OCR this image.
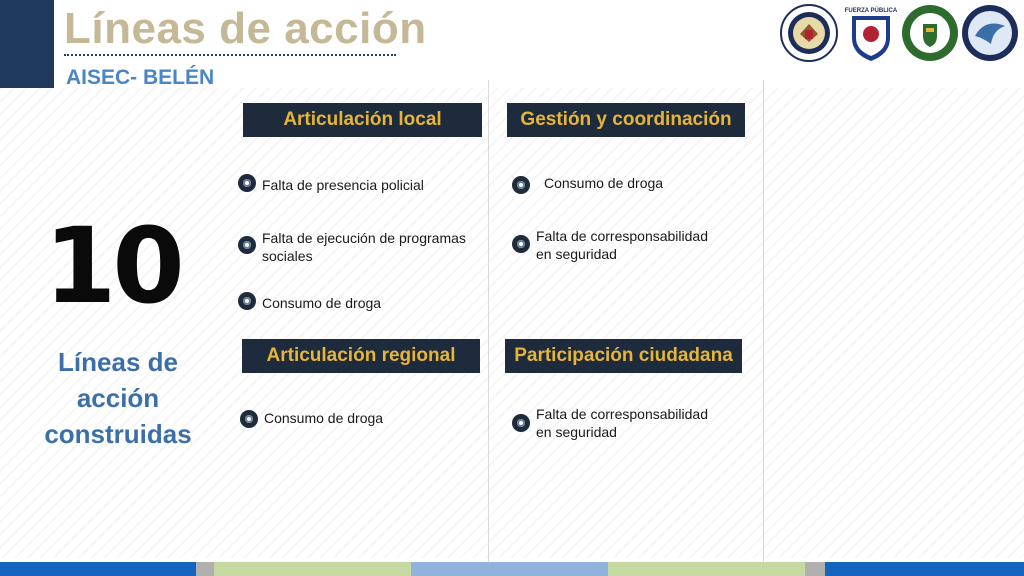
Líneas de acción
AISEC- BELÉN
FUERZA PÚBLICA
10
Líneas de
acción
construidas
Articulación local
Falta de presencia policial
Falta de ejecución de programas
sociales
Consumo de droga
Gestión y coordinación
Consumo de droga
Falta de corresponsabilidad
en seguridad
Articulación regional
Consumo de droga
Participación ciudadana
Falta de corresponsabilidad
en seguridad
